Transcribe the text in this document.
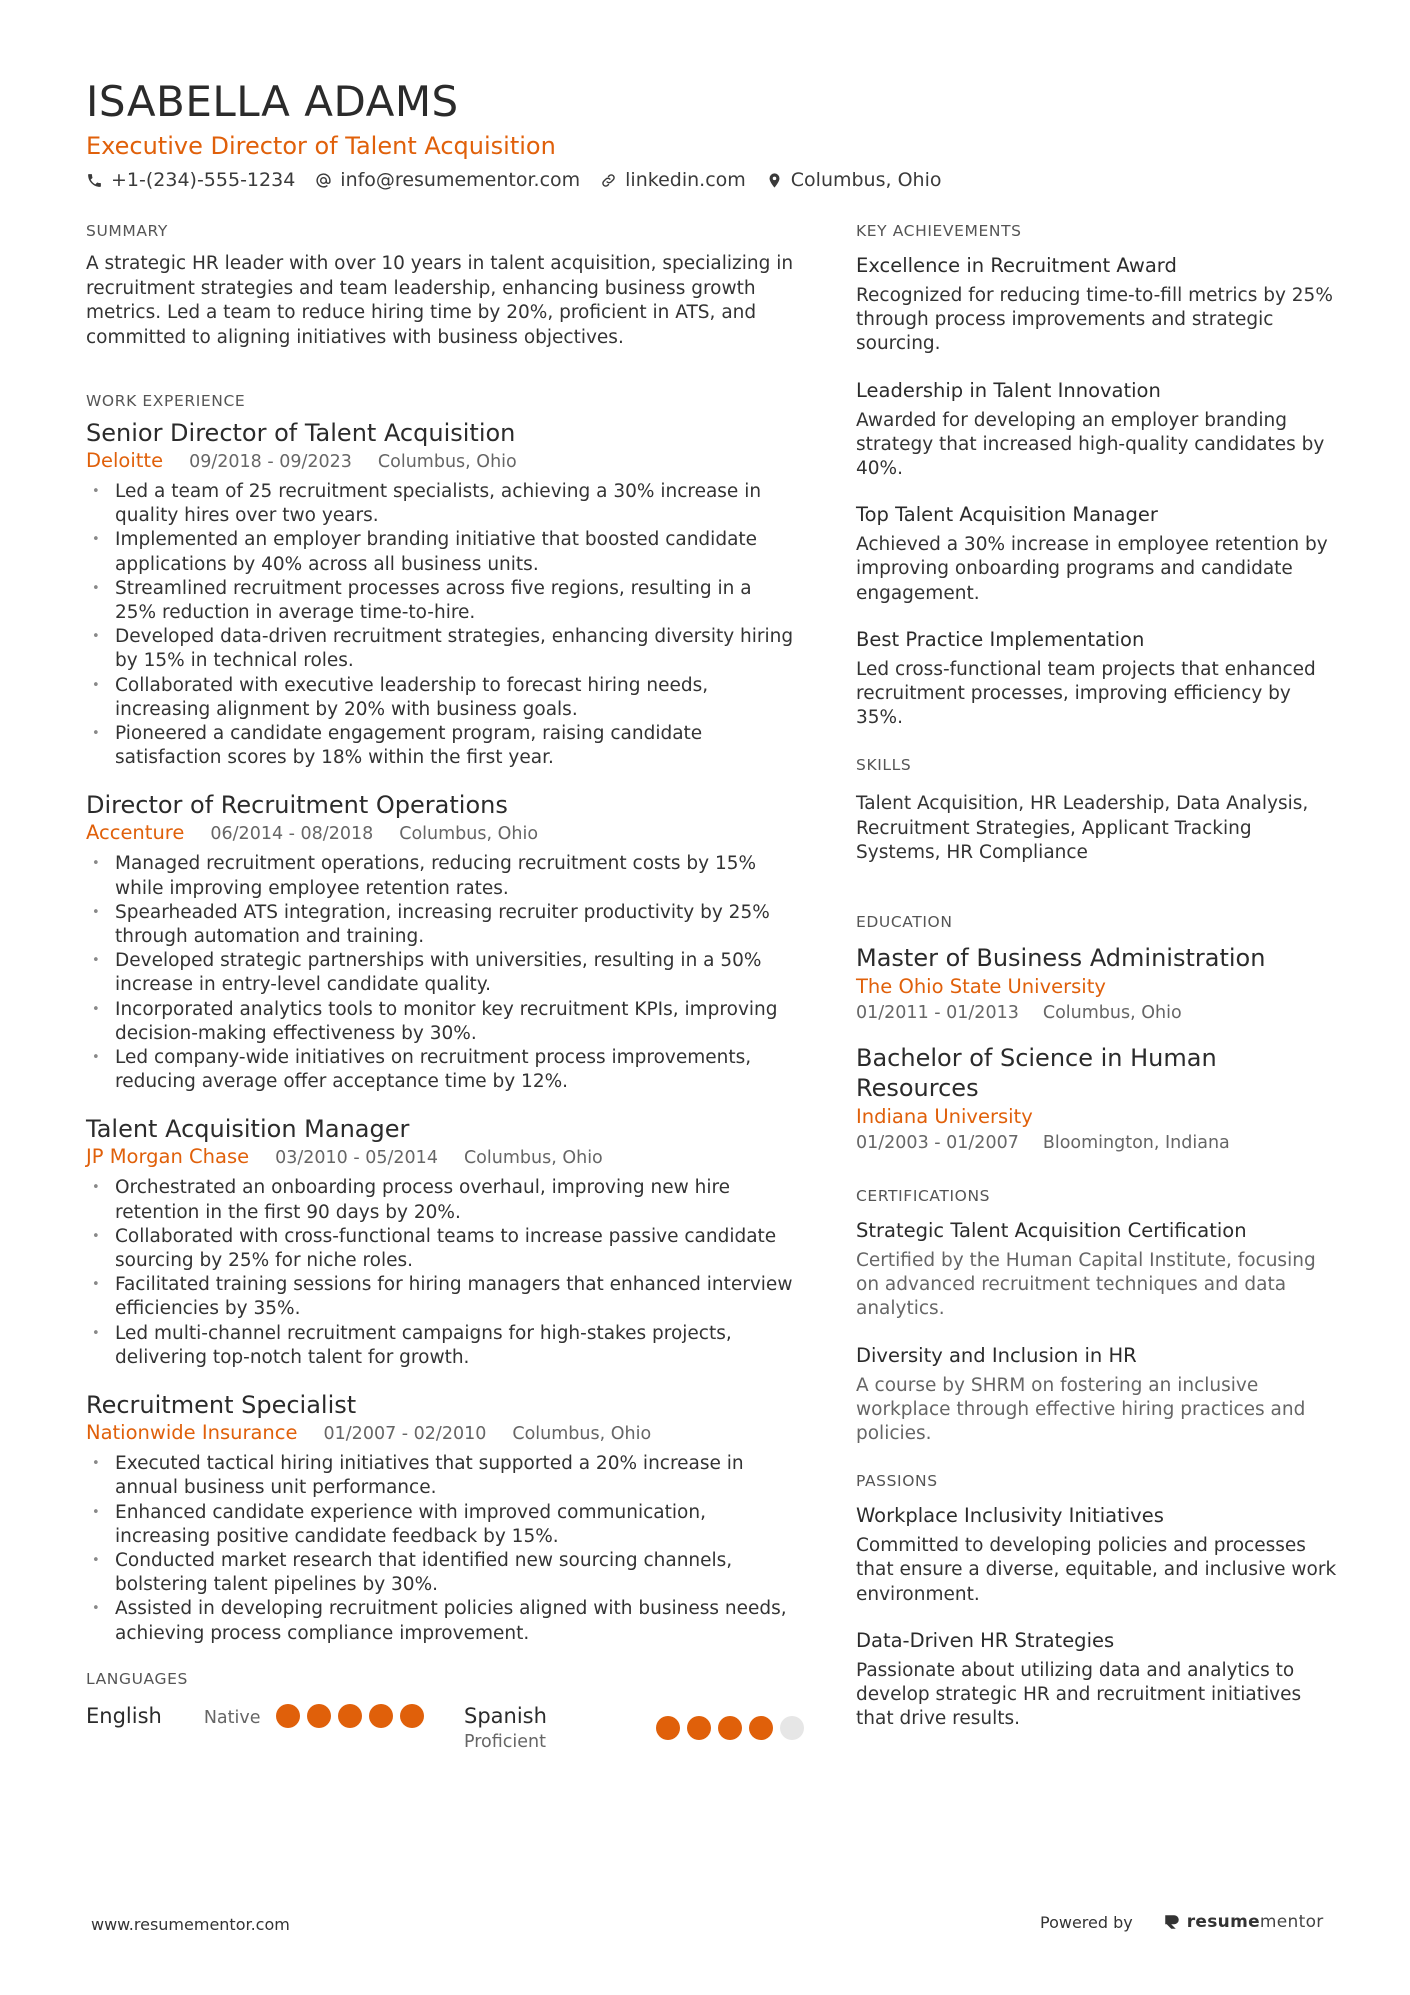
ISABELLA ADAMS
Executive Director of Talent Acquisition
+1-(234)-555-1234 info@resumementor.com linkedin.com Columbus, Ohio
SUMMARY
A strategic HR leader with over 10 years in talent acquisition, specializing in recruitment strategies and team leadership, enhancing business growth metrics. Led a team to reduce hiring time by 20%, proficient in ATS, and committed to aligning initiatives with business objectives.
WORK EXPERIENCE
Senior Director of Talent Acquisition
Deloitte 09/2018 - 09/2023 Columbus, Ohio
• Led a team of 25 recruitment specialists, achieving a 30% increase in quality hires over two years.
• Implemented an employer branding initiative that boosted candidate applications by 40% across all business units.
• Streamlined recruitment processes across five regions, resulting in a 25% reduction in average time-to-hire.
• Developed data-driven recruitment strategies, enhancing diversity hiring by 15% in technical roles.
• Collaborated with executive leadership to forecast hiring needs, increasing alignment by 20% with business goals.
• Pioneered a candidate engagement program, raising candidate satisfaction scores by 18% within the first year.
Director of Recruitment Operations
Accenture 06/2014 - 08/2018 Columbus, Ohio
• Managed recruitment operations, reducing recruitment costs by 15% while improving employee retention rates.
• Spearheaded ATS integration, increasing recruiter productivity by 25% through automation and training.
• Developed strategic partnerships with universities, resulting in a 50% increase in entry-level candidate quality.
• Incorporated analytics tools to monitor key recruitment KPIs, improving decision-making effectiveness by 30%.
• Led company-wide initiatives on recruitment process improvements, reducing average offer acceptance time by 12%.
Talent Acquisition Manager
JP Morgan Chase 03/2010 - 05/2014 Columbus, Ohio
• Orchestrated an onboarding process overhaul, improving new hire retention in the first 90 days by 20%.
• Collaborated with cross-functional teams to increase passive candidate sourcing by 25% for niche roles.
• Facilitated training sessions for hiring managers that enhanced interview efficiencies by 35%.
• Led multi-channel recruitment campaigns for high-stakes projects, delivering top-notch talent for growth.
Recruitment Specialist
Nationwide Insurance 01/2007 - 02/2010 Columbus, Ohio
• Executed tactical hiring initiatives that supported a 20% increase in annual business unit performance.
• Enhanced candidate experience with improved communication, increasing positive candidate feedback by 15%.
• Conducted market research that identified new sourcing channels, bolstering talent pipelines by 30%.
• Assisted in developing recruitment policies aligned with business needs, achieving process compliance improvement.
LANGUAGES
English Native	Spanish
Proficient
KEY ACHIEVEMENTS
Excellence in Recruitment Award
Recognized for reducing time-to-fill metrics by 25% through process improvements and strategic sourcing.
Leadership in Talent Innovation
Awarded for developing an employer branding strategy that increased high-quality candidates by 40%.
Top Talent Acquisition Manager
Achieved a 30% increase in employee retention by improving onboarding programs and candidate engagement.
Best Practice Implementation
Led cross-functional team projects that enhanced recruitment processes, improving efficiency by 35%.
SKILLS
Talent Acquisition, HR Leadership, Data Analysis, Recruitment Strategies, Applicant Tracking Systems, HR Compliance
EDUCATION
Master of Business Administration
The Ohio State University
01/2011 - 01/2013 Columbus, Ohio
Bachelor of Science in Human Resources
Indiana University
01/2003 - 01/2007 Bloomington, Indiana
CERTIFICATIONS
Strategic Talent Acquisition Certification
Certified by the Human Capital Institute, focusing on advanced recruitment techniques and data analytics.
Diversity and Inclusion in HR
A course by SHRM on fostering an inclusive workplace through effective hiring practices and policies.
PASSIONS
Workplace Inclusivity Initiatives
Committed to developing policies and processes that ensure a diverse, equitable, and inclusive work environment.
Data-Driven HR Strategies
Passionate about utilizing data and analytics to develop strategic HR and recruitment initiatives that drive results.
www.resumementor.com	Powered by	resumementor
